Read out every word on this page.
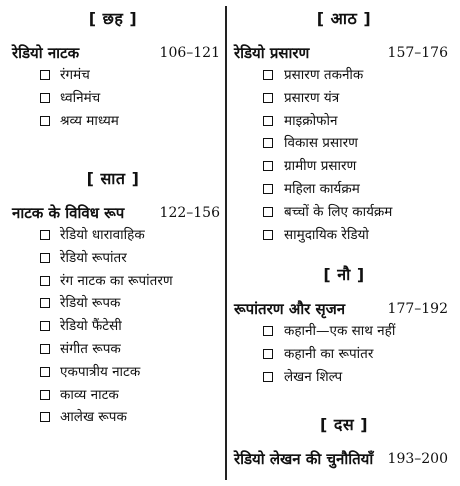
[ छह ]
रेडियो नाटक	106–121
रंगमंच
ध्वनिमंच
श्रव्य माध्यम
[ सात ]
नाटक के विविध रूप	122–156
रेडियो धारावाहिक
रेडियो रूपांतर
रंग नाटक का रूपांतरण
रेडियो रूपक
रेडियो फैंटेसी
संगीत रूपक
एकपात्रीय नाटक
काव्य नाटक
आलेख रूपक
[ आठ ]
रेडियो प्रसारण	157–176
प्रसारण तकनीक
प्रसारण यंत्र
माइक्रोफोन
विकास प्रसारण
ग्रामीण प्रसारण
महिला कार्यक्रम
बच्चों के लिए कार्यक्रम
सामुदायिक रेडियो
[ नौ ]
रूपांतरण और सृजन	177–192
कहानी—एक साथ नहीं
कहानी का रूपांतर
लेखन शिल्प
[ दस ]
रेडियो लेखन की चुनौतियाँ 193–200
